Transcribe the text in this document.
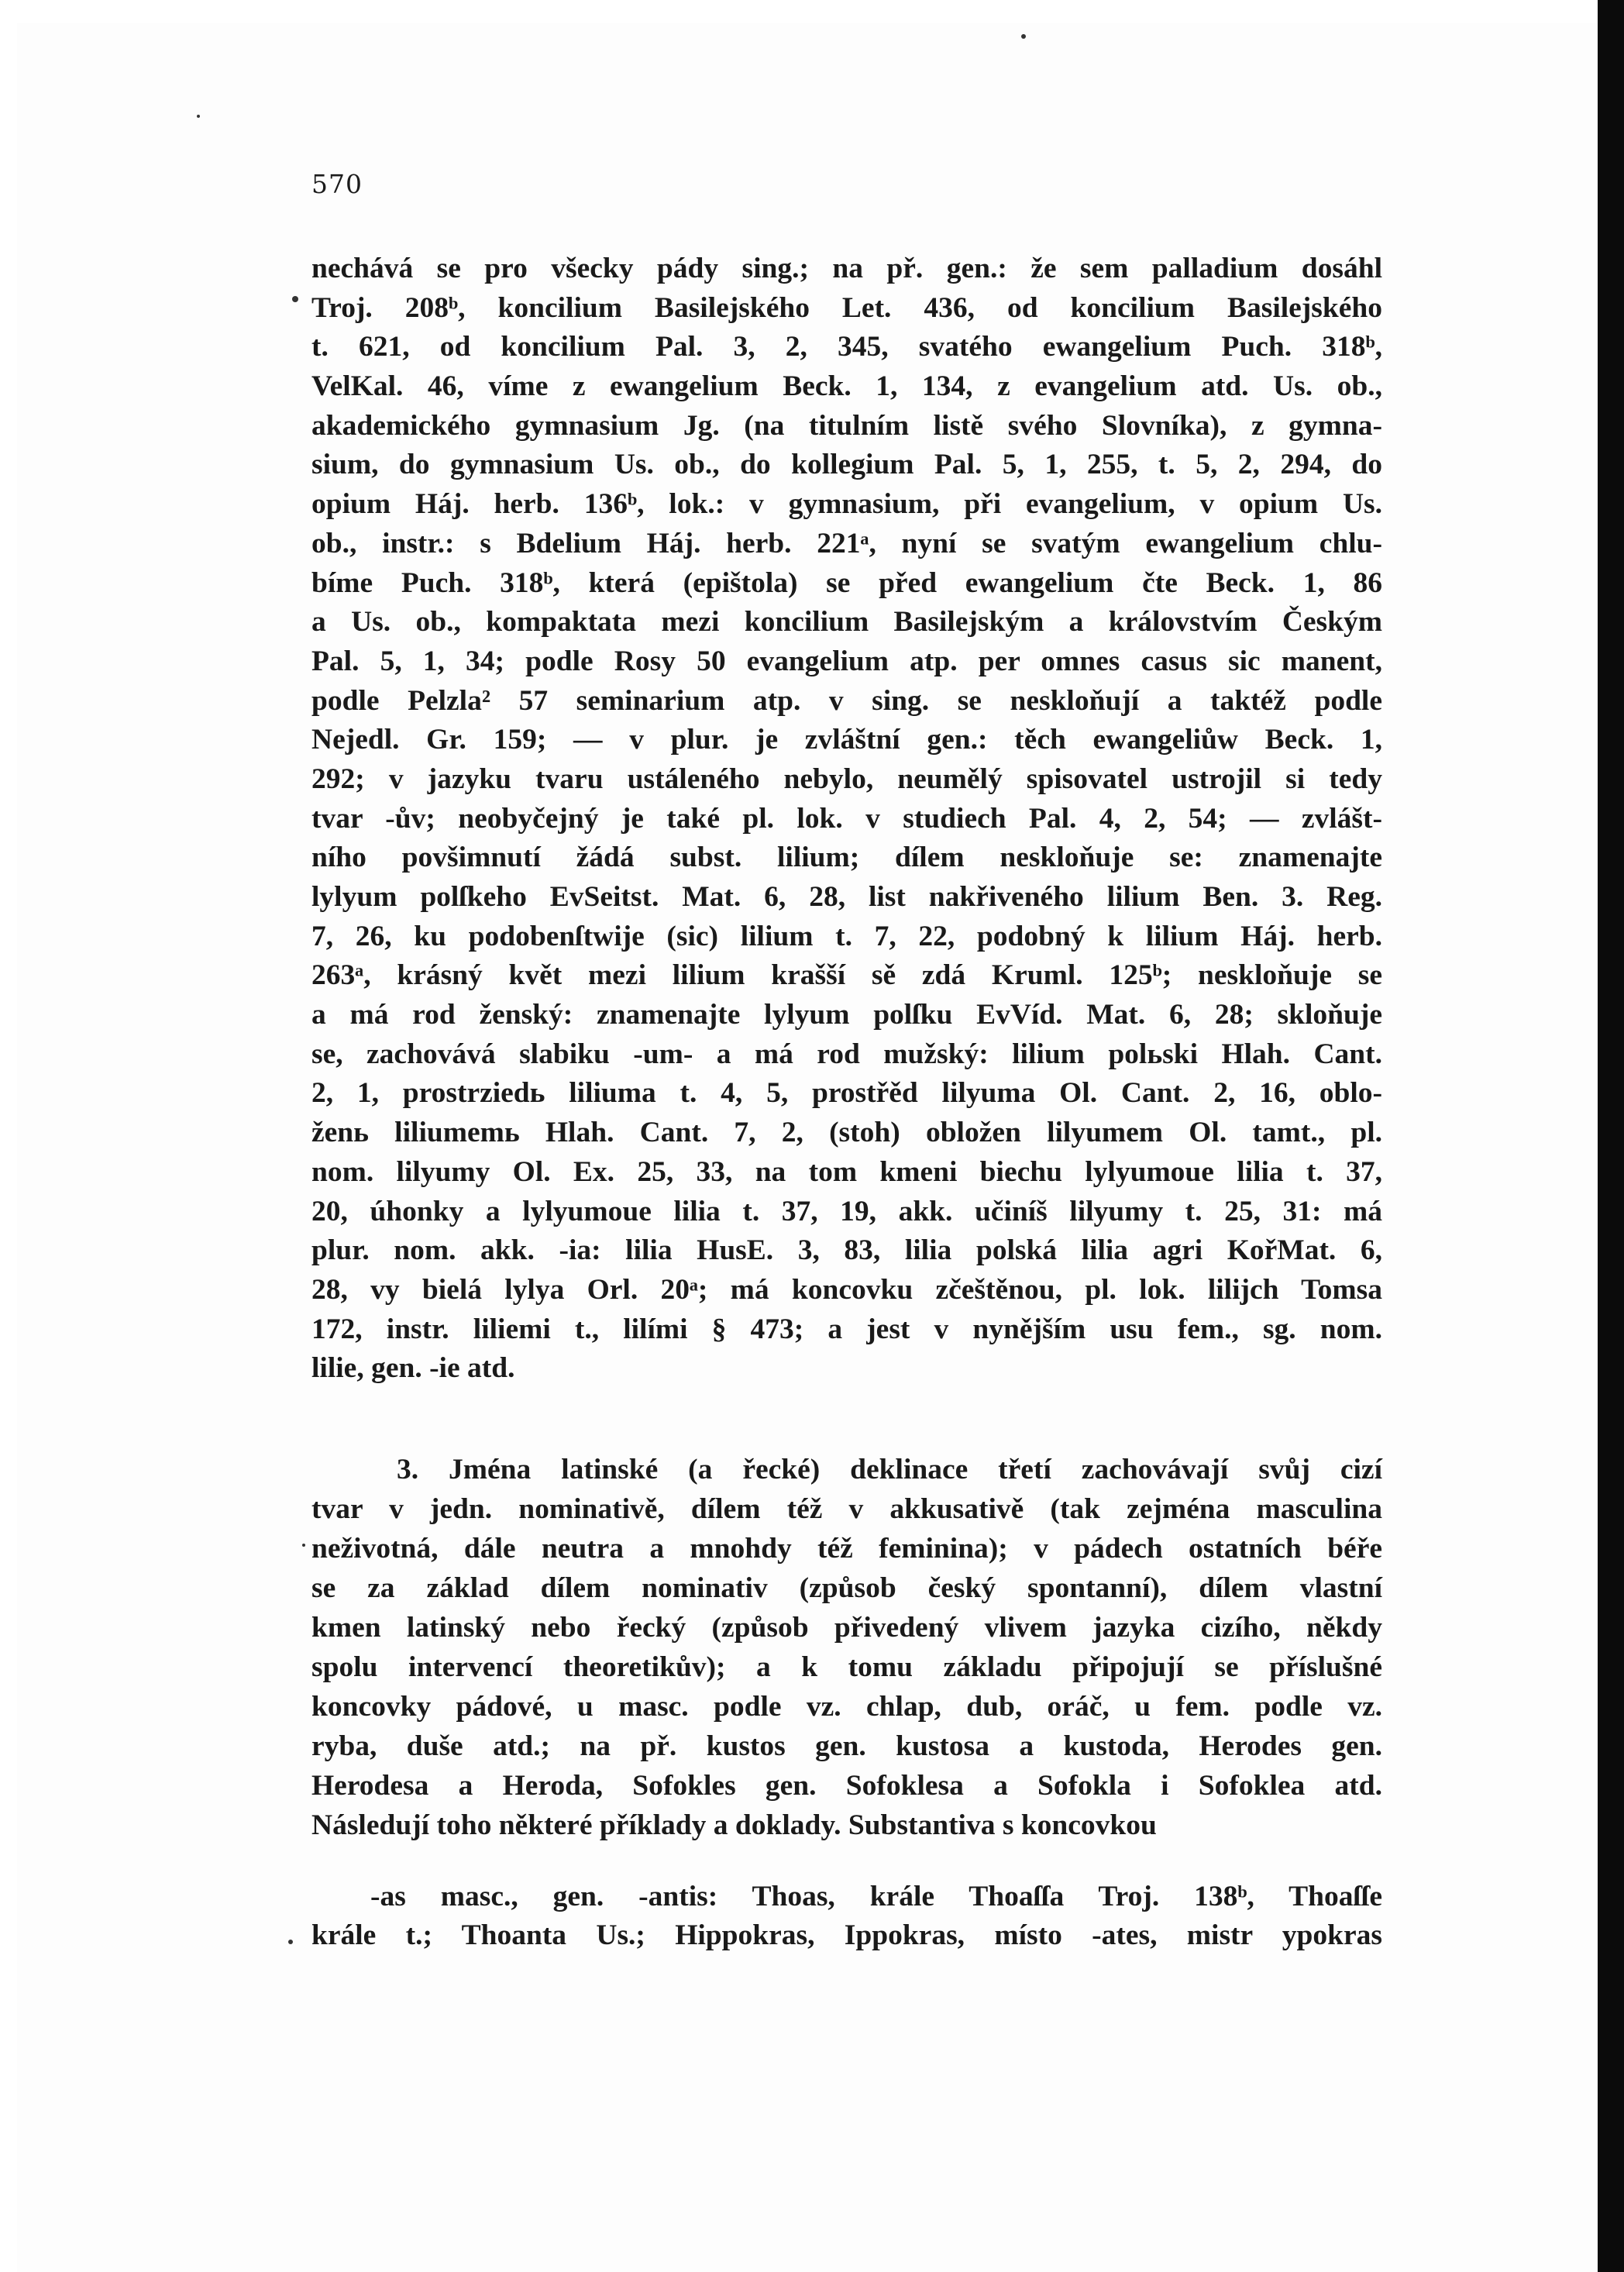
570
nechává se pro všecky pády sing.; na př. gen.: že sem palladium dosáhl
Troj. 208ᵇ, koncilium Basilejského Let. 436, od koncilium Basilejského
t. 621, od koncilium Pal. 3, 2, 345, svatého ewangelium Puch. 318ᵇ,
VelKal. 46, víme z ewangelium Beck. 1, 134, z evangelium atd. Us. ob.,
akademického gymnasium Jg. (na titulním listě svého Slovníka), z gymna-
sium, do gymnasium Us. ob., do kollegium Pal. 5, 1, 255, t. 5, 2, 294, do
opium Háj. herb. 136ᵇ, lok.: v gymnasium, při evangelium, v opium Us.
ob., instr.: s Bdelium Háj. herb. 221ᵃ, nyní se svatým ewangelium chlu-
bíme Puch. 318ᵇ, která (epištola) se před ewangelium čte Beck. 1, 86
a Us. ob., kompaktata mezi koncilium Basilejským a královstvím Českým
Pal. 5, 1, 34; podle Rosy 50 evangelium atp. per omnes casus sic manent,
podle Pelzla² 57 seminarium atp. v sing. se neskloňují a taktéž podle
Nejedl. Gr. 159; — v plur. je zvláštní gen.: těch ewangeliůw Beck. 1,
292; v jazyku tvaru ustáleného nebylo, neumělý spisovatel ustrojil si tedy
tvar -ův; neobyčejný je také pl. lok. v studiech Pal. 4, 2, 54; — zvlášt-
ního povšimnutí žádá subst. lilium; dílem neskloňuje se: znamenajte
lylyum polſkeho EvSeitst. Mat. 6, 28, list nakřiveného lilium Ben. 3. Reg.
7, 26, ku podobenſtwije (sic) lilium t. 7, 22, podobný k lilium Háj. herb.
263ᵃ, krásný květ mezi lilium krašší sě zdá Kruml. 125ᵇ; neskloňuje se
a má rod ženský: znamenajte lylyum polſku EvVíd. Mat. 6, 28; skloňuje
se, zachovává slabiku -um- a má rod mužský: lilium polьski Hlah. Cant.
2, 1, prostrziedь liliuma t. 4, 5, prostřěd lilyuma Ol. Cant. 2, 16, oblo-
ženь liliumemь Hlah. Cant. 7, 2, (stoh) obložen lilyumem Ol. tamt., pl.
nom. lilyumy Ol. Ex. 25, 33, na tom kmeni biechu lylyumoue lilia t. 37,
20, úhonky a lylyumoue lilia t. 37, 19, akk. učiníš lilyumy t. 25, 31: má
plur. nom. akk. -ia: lilia HusE. 3, 83, lilia polská lilia agri KořMat. 6,
28, vy bielá lylya Orl. 20ᵃ; má koncovku zčeštěnou, pl. lok. lilijch Tomsa
172, instr. liliemi t., lilími § 473; a jest v nynějším usu fem., sg. nom.
lilie, gen. -ie atd.
3. Jména latinské (a řecké) deklinace třetí zachovávají svůj cizí
tvar v jedn. nominativě, dílem též v akkusativě (tak zejména masculina
neživotná, dále neutra a mnohdy též feminina); v pádech ostatních béře
se za základ dílem nominativ (způsob český spontanní), dílem vlastní
kmen latinský nebo řecký (způsob přivedený vlivem jazyka cizího, někdy
spolu intervencí theoretikův); a k tomu základu připojují se příslušné
koncovky pádové, u masc. podle vz. chlap, dub, oráč, u fem. podle vz.
ryba, duše atd.; na př. kustos gen. kustosa a kustoda, Herodes gen.
Herodesa a Heroda, Sofokles gen. Sofoklesa a Sofokla i Sofoklea atd.
Následují toho některé příklady a doklady. Substantiva s koncovkou
-as masc., gen. -antis: Thoas, krále Thoaſſa Troj. 138ᵇ, Thoaſſe
krále t.; Thoanta Us.; Hippokras, Ippokras, místo -ates, mistr ypokras
